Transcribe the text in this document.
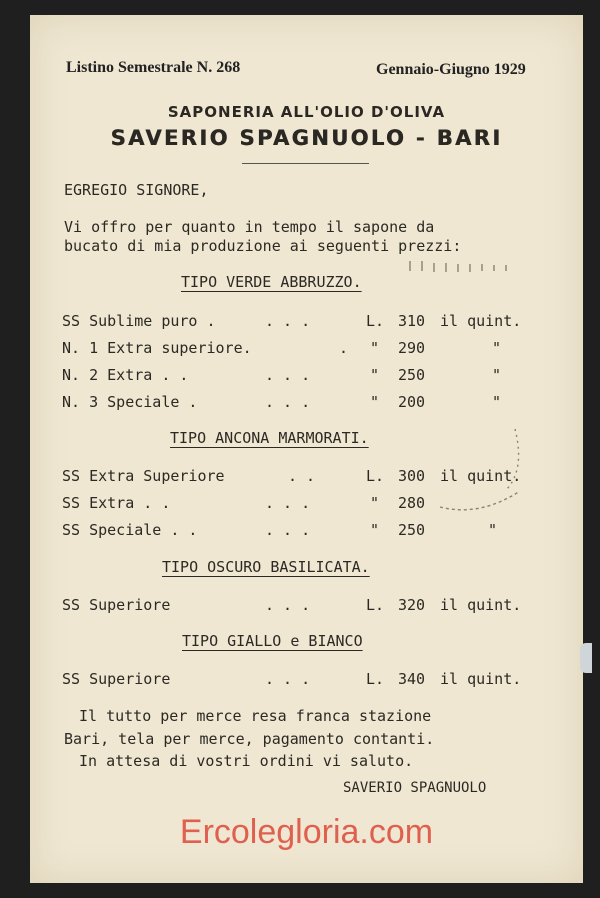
Listino Semestrale N. 268	Gennaio-Giugno 1929
SAPONERIA ALL'OLIO D'OLIVA
SAVERIO SPAGNUOLO - BARI
EGREGIO SIGNORE,
Vi offro per quanto in tempo il sapone da
bucato di mia produzione ai seguenti prezzi:
TIPO VERDE ABBRUZZO.
SS Sublime puro .	. . .	L. 310 il quint.
N. 1 Extra superiore.	. " 290	"
N. 2 Extra . .	. . .	" 250	"
N. 3 Speciale .	. . .	" 200	"
TIPO ANCONA MARMORATI.
SS Extra Superiore	. .	L. 300 il quint.
SS Extra . .	. . .	" 280
SS Speciale . .	. . .	" 250	"
TIPO OSCURO BASILICATA.
SS Superiore	. . .	L. 320 il quint.
TIPO GIALLO e BIANCO
SS Superiore	. . .	L. 340 il quint.
Il tutto per merce resa franca stazione
Bari, tela per merce, pagamento contanti.
In attesa di vostri ordini vi saluto.
SAVERIO SPAGNUOLO
Ercolegloria.com
